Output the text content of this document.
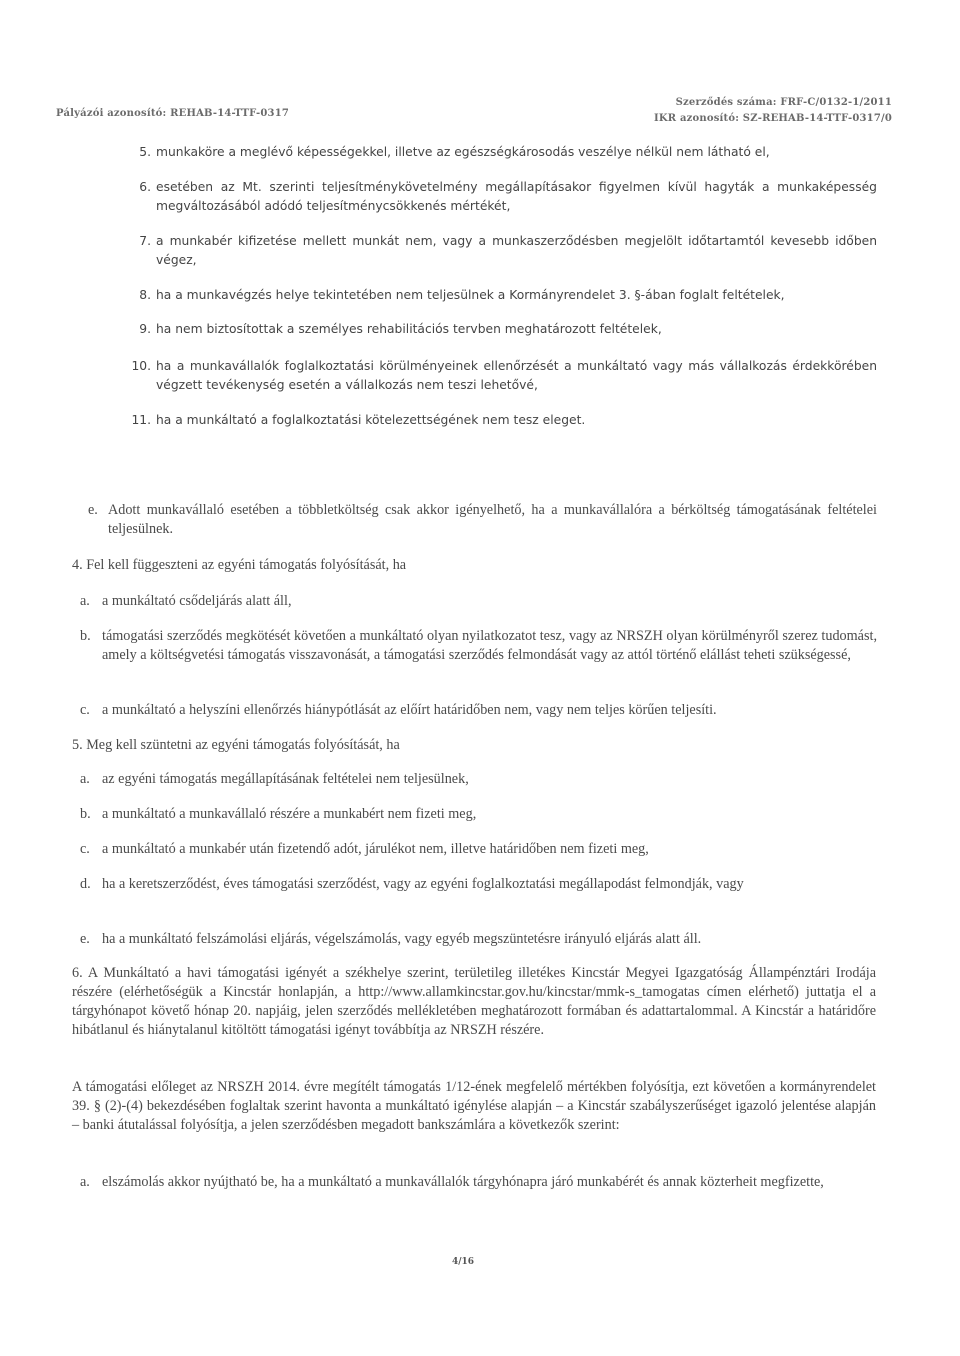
Pályázói azonosító: REHAB-14-TTF-0317
Szerződés száma: FRF-C/0132-1/2011
IKR azonosító: SZ-REHAB-14-TTF-0317/0
5. munkaköre a meglévő képességekkel, illetve az egészségkárosodás veszélye nélkül nem látható el,
6. esetében az Mt. szerinti teljesítménykövetelmény megállapításakor figyelmen kívül hagyták a munkaképesség megváltozásából adódó teljesítménycsökkenés mértékét,
7. a munkabér kifizetése mellett munkát nem, vagy a munkaszerződésben megjelölt időtartamtól kevesebb időben végez,
8. ha a munkavégzés helye tekintetében nem teljesülnek a Kormányrendelet 3. §-ában foglalt feltételek,
9. ha nem biztosítottak a személyes rehabilitációs tervben meghatározott feltételek,
10. ha a munkavállalók foglalkoztatási körülményeinek ellenőrzését a munkáltató vagy más vállalkozás érdekkörében végzett tevékenység esetén a vállalkozás nem teszi lehetővé,
11. ha a munkáltató a foglalkoztatási kötelezettségének nem tesz eleget.
e. Adott munkavállaló esetében a többletköltség csak akkor igényelhető, ha a munkavállalóra a bérköltség támogatásának feltételei teljesülnek.
4. Fel kell függeszteni az egyéni támogatás folyósítását, ha
a. a munkáltató csődeljárás alatt áll,
b. támogatási szerződés megkötését követően a munkáltató olyan nyilatkozatot tesz, vagy az NRSZH olyan körülményről szerez tudomást, amely a költségvetési támogatás visszavonását, a támogatási szerződés felmondását vagy az attól történő elállást teheti szükségessé,
c. a munkáltató a helyszíni ellenőrzés hiánypótlását az előírt határidőben nem, vagy nem teljes körűen teljesíti.
5. Meg kell szüntetni az egyéni támogatás folyósítását, ha
a. az egyéni támogatás megállapításának feltételei nem teljesülnek,
b. a munkáltató a munkavállaló részére a munkabért nem fizeti meg,
c. a munkáltató a munkabér után fizetendő adót, járulékot nem, illetve határidőben nem fizeti meg,
d. ha a keretszerződést, éves támogatási szerződést, vagy az egyéni foglalkoztatási megállapodást felmondják, vagy
e. ha a munkáltató felszámolási eljárás, végelszámolás, vagy egyéb megszüntetésre irányuló eljárás alatt áll.
6. A Munkáltató a havi támogatási igényét a székhelye szerint, területileg illetékes Kincstár Megyei Igazgatóság Állampénztári Irodája részére (elérhetőségük a Kincstár honlapján, a http://www.allamkincstar.gov.hu/kincstar/mmk-s_tamogatas címen elérhető) juttatja el a tárgyhónapot követő hónap 20. napjáig, jelen szerződés mellékletében meghatározott formában és adattartalommal. A Kincstár a határidőre hibátlanul és hiánytalanul kitöltött támogatási igényt továbbítja az NRSZH részére.
A támogatási előleget az NRSZH 2014. évre megítélt támogatás 1/12-ének megfelelő mértékben folyósítja, ezt követően a kormányrendelet 39. § (2)-(4) bekezdésében foglaltak szerint havonta a munkáltató igénylése alapján – a Kincstár szabályszerűséget igazoló jelentése alapján – banki átutalással folyósítja, a jelen szerződésben megadott bankszámlára a következők szerint:
a. elszámolás akkor nyújtható be, ha a munkáltató a munkavállalók tárgyhónapra járó munkabérét és annak közterheit megfizette,
4/16
